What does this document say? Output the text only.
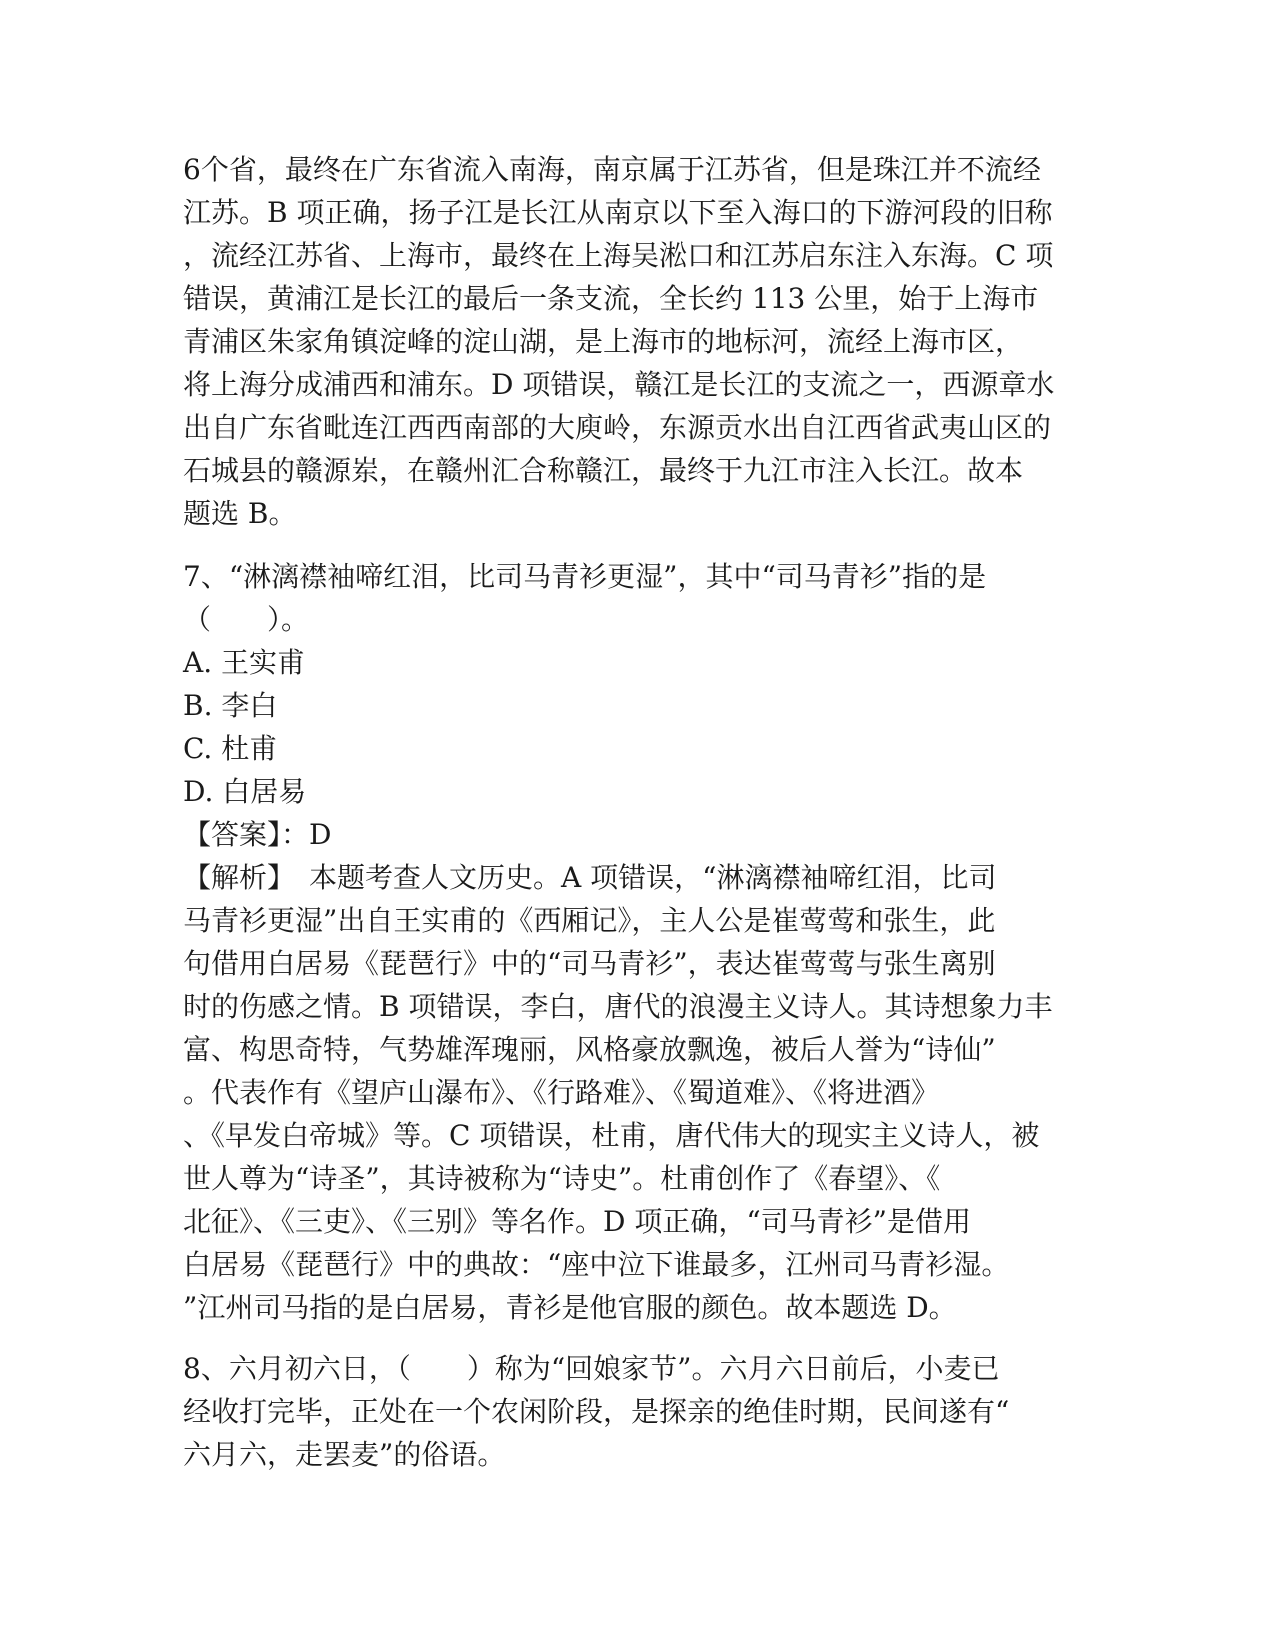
6个省，最终在广东省流入南海，南京属于江苏省，但是珠江并不流经
江苏。B 项正确，扬子江是长江从南京以下至入海口的下游河段的旧称
，流经江苏省、上海市，最终在上海吴淞口和江苏启东注入东海。C 项
错误，黄浦江是长江的最后一条支流，全长约 113 公里，始于上海市
青浦区朱家角镇淀峰的淀山湖，是上海市的地标河，流经上海市区，
将上海分成浦西和浦东。D 项错误，赣江是长江的支流之一，西源章水
出自广东省毗连江西西南部的大庾岭，东源贡水出自江西省武夷山区的
石城县的赣源岽，在赣州汇合称赣江，最终于九江市注入长江。故本
题选 B。
7、“淋漓襟袖啼红泪，比司马青衫更湿”，其中“司马青衫”指的是
（　　）。
A. 王实甫
B. 李白
C. 杜甫
D. 白居易
【答案】：D
【解析】　本题考查人文历史。A 项错误，“淋漓襟袖啼红泪，比司
马青衫更湿”出自王实甫的《西厢记》，主人公是崔莺莺和张生，此
句借用白居易《琵琶行》中的“司马青衫”，表达崔莺莺与张生离别
时的伤感之情。B 项错误，李白，唐代的浪漫主义诗人。其诗想象力丰
富、构思奇特，气势雄浑瑰丽，风格豪放飘逸，被后人誉为“诗仙”
。代表作有《望庐山瀑布》、《行路难》、《蜀道难》、《将进酒》
、《早发白帝城》等。C 项错误，杜甫，唐代伟大的现实主义诗人，被
世人尊为“诗圣”，其诗被称为“诗史”。杜甫创作了《春望》、《
北征》、《三吏》、《三别》等名作。D 项正确，“司马青衫”是借用
白居易《琵琶行》中的典故：“座中泣下谁最多，江州司马青衫湿。
”江州司马指的是白居易，青衫是他官服的颜色。故本题选 D。
8、六月初六日，（　　）称为“回娘家节”。六月六日前后，小麦已
经收打完毕，正处在一个农闲阶段，是探亲的绝佳时期，民间遂有“
六月六，走罢麦”的俗语。
